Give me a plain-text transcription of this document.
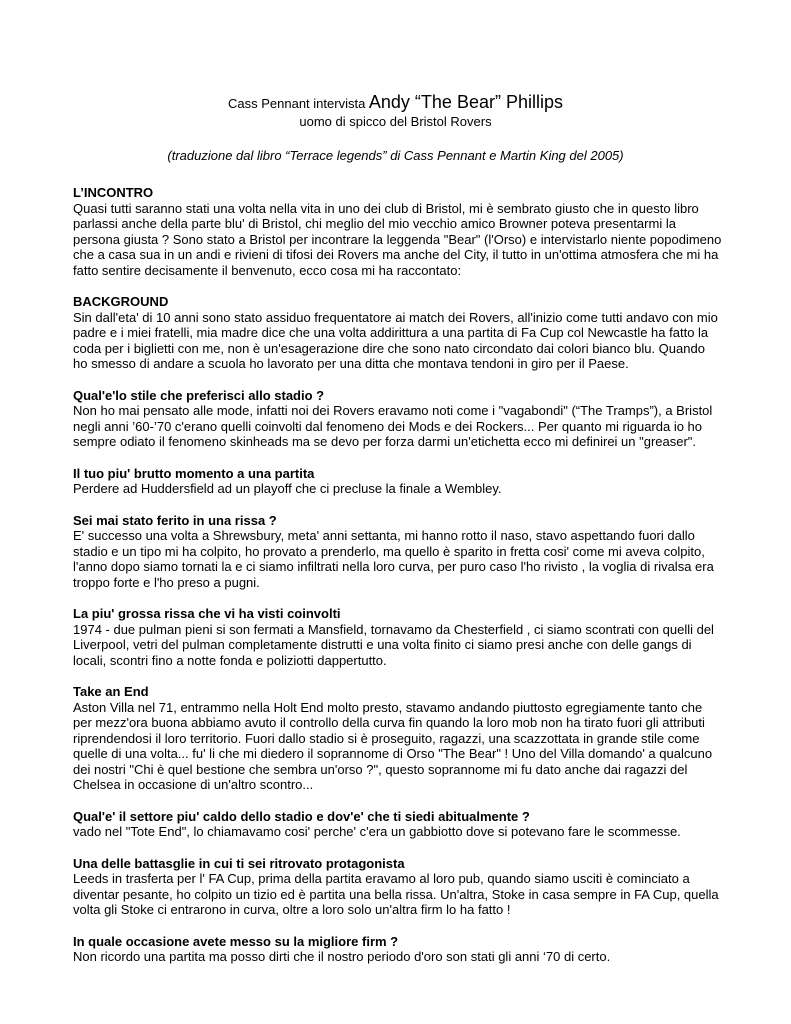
Cass Pennant intervista Andy “The Bear” Phillips
uomo di spicco del Bristol Rovers
(traduzione dal libro “Terrace legends” di Cass Pennant e Martin King del 2005)
L’INCONTRO
Quasi tutti saranno stati una volta nella vita in uno dei club di Bristol, mi è sembrato giusto che in questo libro parlassi anche della parte blu' di Bristol, chi meglio del mio vecchio amico Browner poteva presentarmi la persona giusta ? Sono stato a Bristol per incontrare la leggenda "Bear" (l'Orso) e intervistarlo niente popodimeno che a casa sua in un andi e rivieni di tifosi dei Rovers ma anche del City, il tutto in un'ottima atmosfera che mi ha fatto sentire decisamente il benvenuto, ecco cosa mi ha raccontato:
BACKGROUND
Sin dall'eta' di 10 anni sono stato assiduo frequentatore ai match dei Rovers, all'inizio come tutti andavo con mio padre e i miei fratelli, mia madre dice che una volta addirittura a una partita di Fa Cup col Newcastle ha fatto la coda per i biglietti con me, non è un'esagerazione dire che sono nato circondato dai colori bianco blu. Quando ho smesso di andare a scuola ho lavorato per una ditta che montava tendoni in giro per il Paese.
Qual'e'lo stile che preferisci allo stadio ?
Non ho mai pensato alle mode, infatti noi dei Rovers eravamo noti come i "vagabondi" (“The Tramps”), a Bristol negli anni ’60-’70 c'erano quelli coinvolti dal fenomeno dei Mods e dei Rockers... Per quanto mi riguarda io ho sempre odiato il fenomeno skinheads ma se devo per forza darmi un'etichetta ecco mi definirei un "greaser".
Il tuo piu' brutto momento a una partita
Perdere ad Huddersfield ad un playoff che ci precluse la finale a Wembley.
Sei mai stato ferito in una rissa ?
E' successo una volta a Shrewsbury, meta' anni settanta, mi hanno rotto il naso, stavo aspettando fuori dallo stadio e un tipo mi ha colpito, ho provato a prenderlo, ma quello è sparito in fretta cosi' come mi aveva colpito, l'anno dopo siamo tornati la e ci siamo infiltrati nella loro curva, per puro caso l'ho rivisto , la voglia di rivalsa era troppo forte e l'ho preso a pugni.
La piu' grossa rissa che vi ha visti coinvolti
1974 - due pulman pieni si son fermati a Mansfield, tornavamo da Chesterfield , ci siamo scontrati con quelli del Liverpool, vetri del pulman completamente distrutti e una volta finito ci siamo presi anche con delle gangs di locali, scontri fino a notte fonda e poliziotti dappertutto.
Take an End
Aston Villa nel 71, entrammo nella Holt End molto presto, stavamo andando piuttosto egregiamente tanto che per mezz'ora buona abbiamo avuto il controllo della curva fin quando la loro mob non ha tirato fuori gli attributi riprendendosi il loro territorio. Fuori dallo stadio si è proseguito, ragazzi, una scazzottata in grande stile come quelle di una volta... fu' li che mi diedero il soprannome di Orso "The Bear" ! Uno del Villa domando' a qualcuno dei nostri "Chi è quel bestione che sembra un'orso ?", questo soprannome mi fu dato anche dai ragazzi del Chelsea in occasione di un'altro scontro...
Qual'e' il settore piu' caldo dello stadio e dov'e' che ti siedi abitualmente ?
vado nel "Tote End", lo chiamavamo cosi' perche' c'era un gabbiotto dove si potevano fare le scommesse.
Una delle battasglie in cui ti sei ritrovato protagonista
Leeds in trasferta per l' FA Cup, prima della partita eravamo al loro pub, quando siamo usciti è cominciato a diventar pesante, ho colpito un tizio ed è partita una bella rissa. Un'altra, Stoke in casa sempre in FA Cup, quella volta gli Stoke ci entrarono in curva, oltre a loro solo un'altra firm lo ha fatto !
In quale occasione avete messo su la migliore firm ?
Non ricordo una partita ma posso dirti che il nostro periodo d'oro son stati gli anni ‘70 di certo.
